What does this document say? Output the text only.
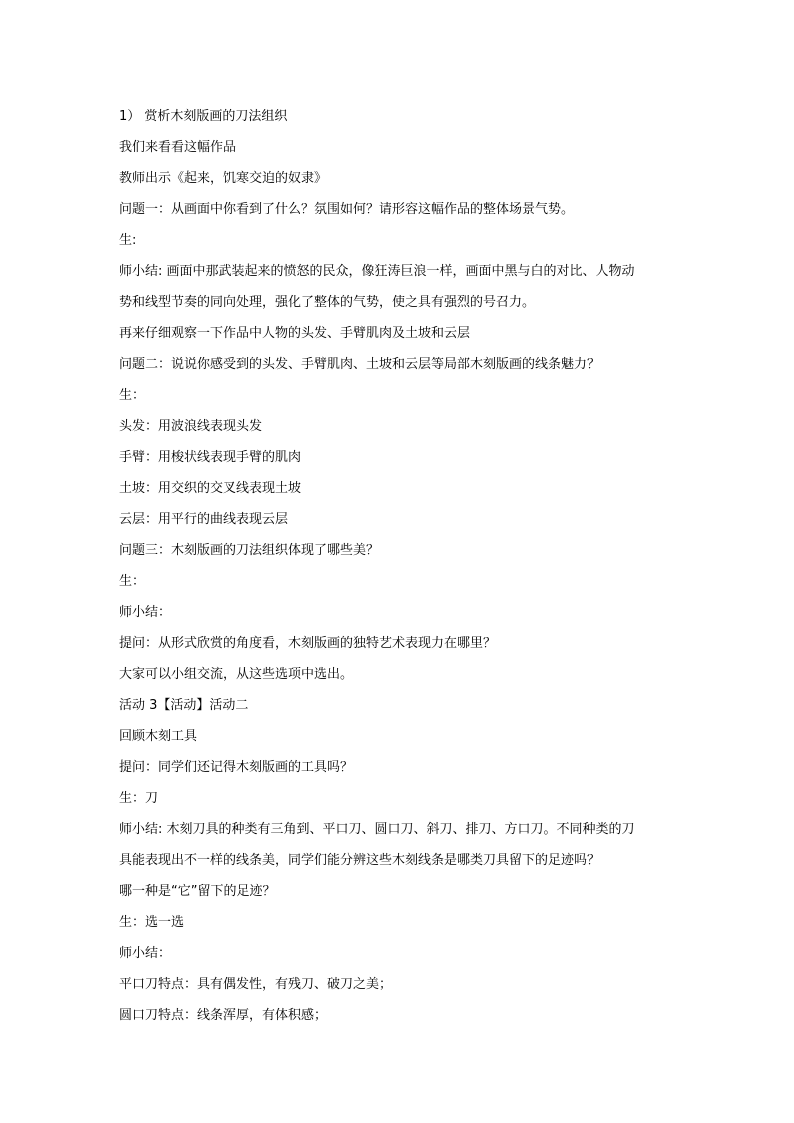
1） 赏析木刻版画的刀法组织
我们来看看这幅作品
教师出示《起来，饥寒交迫的奴隶》
问题一：从画面中你看到了什么？氛围如何？请形容这幅作品的整体场景气势。
生:
师小结: 画面中那武装起来的愤怒的民众，像狂涛巨浪一样，画面中黑与白的对比、人物动
势和线型节奏的同向处理，强化了整体的气势，使之具有强烈的号召力。
再来仔细观察一下作品中人物的头发、手臂肌肉及土坡和云层
问题二：说说你感受到的头发、手臂肌肉、土坡和云层等局部木刻版画的线条魅力？
生：
头发：用波浪线表现头发
手臂：用梭状线表现手臂的肌肉
土坡：用交织的交叉线表现土坡
云层：用平行的曲线表现云层
问题三：木刻版画的刀法组织体现了哪些美？
生：
师小结：
提问：从形式欣赏的角度看，木刻版画的独特艺术表现力在哪里？
大家可以小组交流，从这些选项中选出。
活动 3【活动】活动二
回顾木刻工具
提问：同学们还记得木刻版画的工具吗？
生：刀
师小结: 木刻刀具的种类有三角到、平口刀、圆口刀、斜刀、排刀、方口刀。不同种类的刀
具能表现出不一样的线条美，同学们能分辨这些木刻线条是哪类刀具留下的足迹吗？
哪一种是“它”留下的足迹？
生：选一选
师小结：
平口刀特点：具有偶发性，有残刀、破刀之美；
圆口刀特点：线条浑厚，有体积感；
